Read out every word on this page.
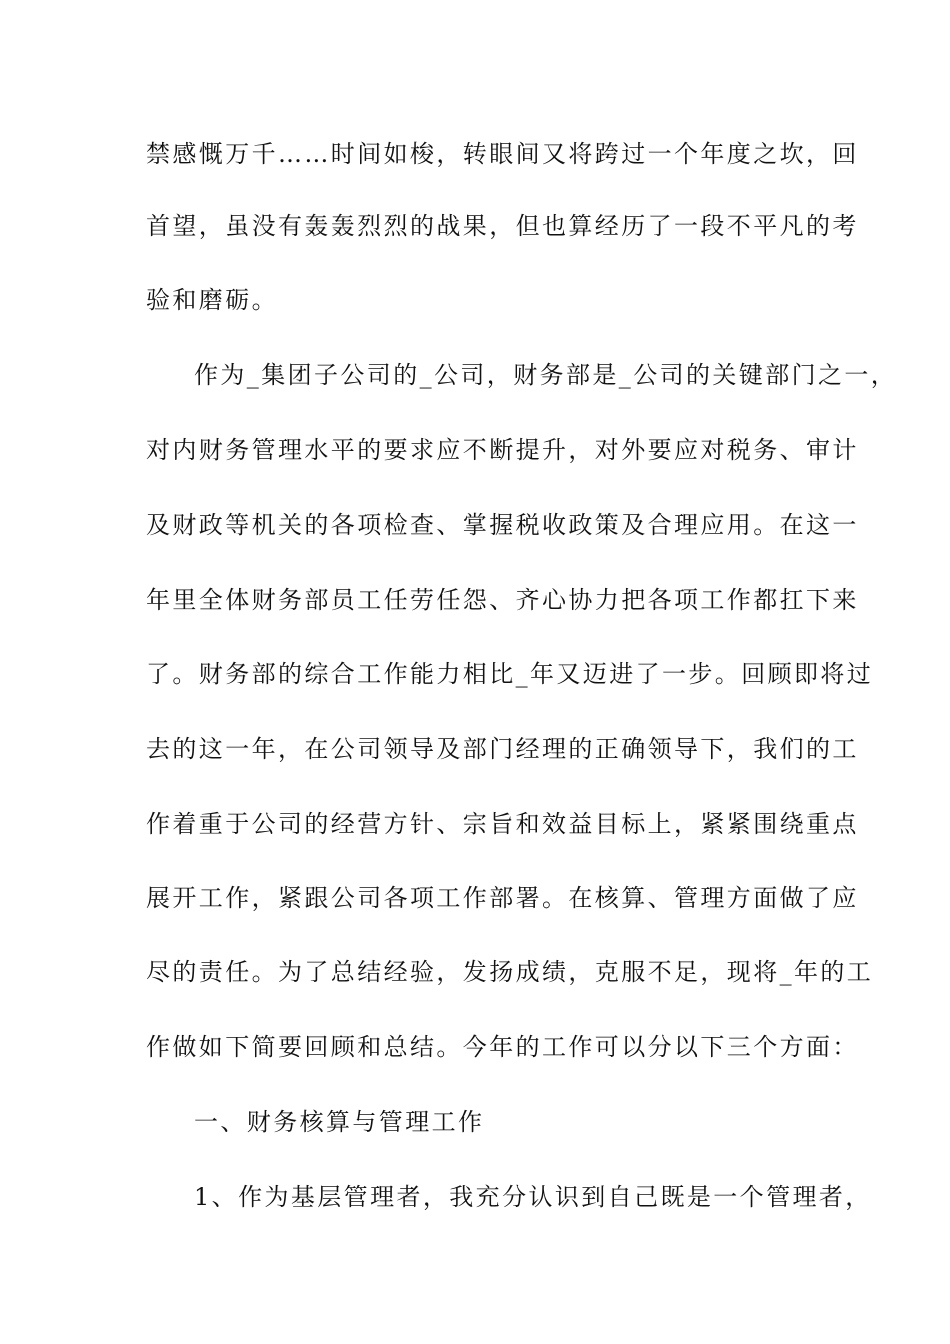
禁感慨万千……时间如梭，转眼间又将跨过一个年度之坎，回
首望，虽没有轰轰烈烈的战果，但也算经历了一段不平凡的考
验和磨砺。
作为_集团子公司的_公司，财务部是_公司的关键部门之一，
对内财务管理水平的要求应不断提升，对外要应对税务、审计
及财政等机关的各项检查、掌握税收政策及合理应用。在这一
年里全体财务部员工任劳任怨、齐心协力把各项工作都扛下来
了。财务部的综合工作能力相比_年又迈进了一步。回顾即将过
去的这一年，在公司领导及部门经理的正确领导下，我们的工
作着重于公司的经营方针、宗旨和效益目标上，紧紧围绕重点
展开工作，紧跟公司各项工作部署。在核算、管理方面做了应
尽的责任。为了总结经验，发扬成绩，克服不足，现将_年的工
作做如下简要回顾和总结。今年的工作可以分以下三个方面：
一、财务核算与管理工作
1、作为基层管理者，我充分认识到自己既是一个管理者，
